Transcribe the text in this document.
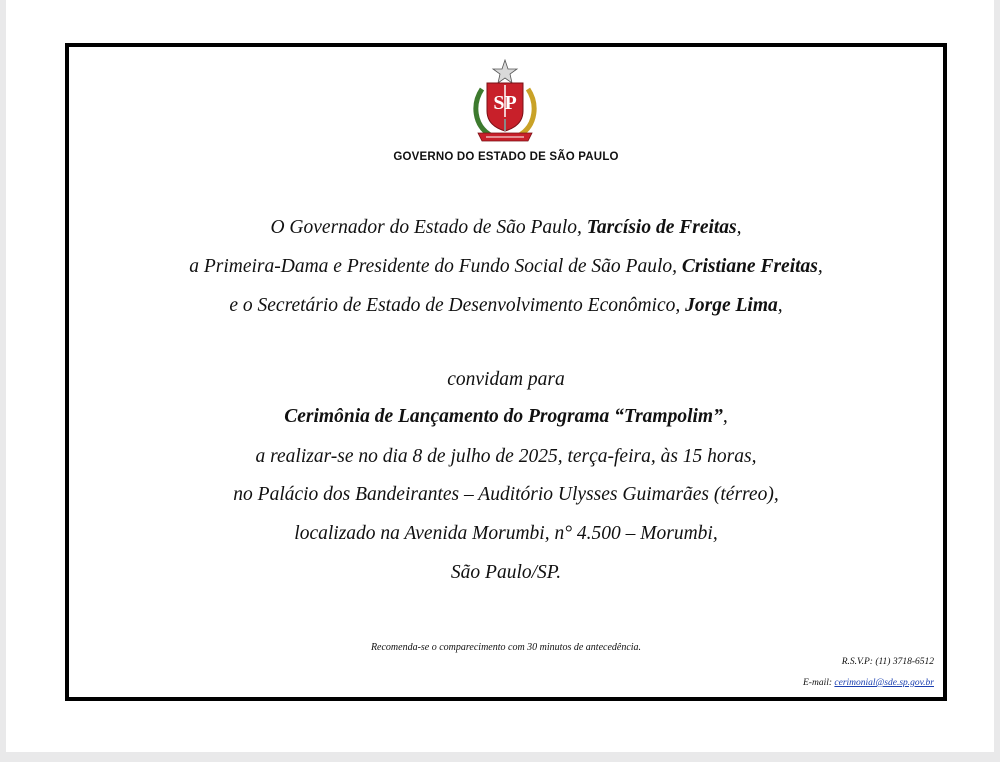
SP
GOVERNO DO ESTADO DE SÃO PAULO
O Governador do Estado de São Paulo, Tarcísio de Freitas,
a Primeira-Dama e Presidente do Fundo Social de São Paulo, Cristiane Freitas,
e o Secretário de Estado de Desenvolvimento Econômico, Jorge Lima,
convidam para
Cerimônia de Lançamento do Programa “Trampolim”,
a realizar-se no dia 8 de julho de 2025, terça-feira, às 15 horas,
no Palácio dos Bandeirantes – Auditório Ulysses Guimarães (térreo),
localizado na Avenida Morumbi, n° 4.500 – Morumbi,
São Paulo/SP.
Recomenda-se o comparecimento com 30 minutos de antecedência.
R.S.V.P: (11) 3718-6512
E-mail: cerimonial@sde.sp.gov.br
